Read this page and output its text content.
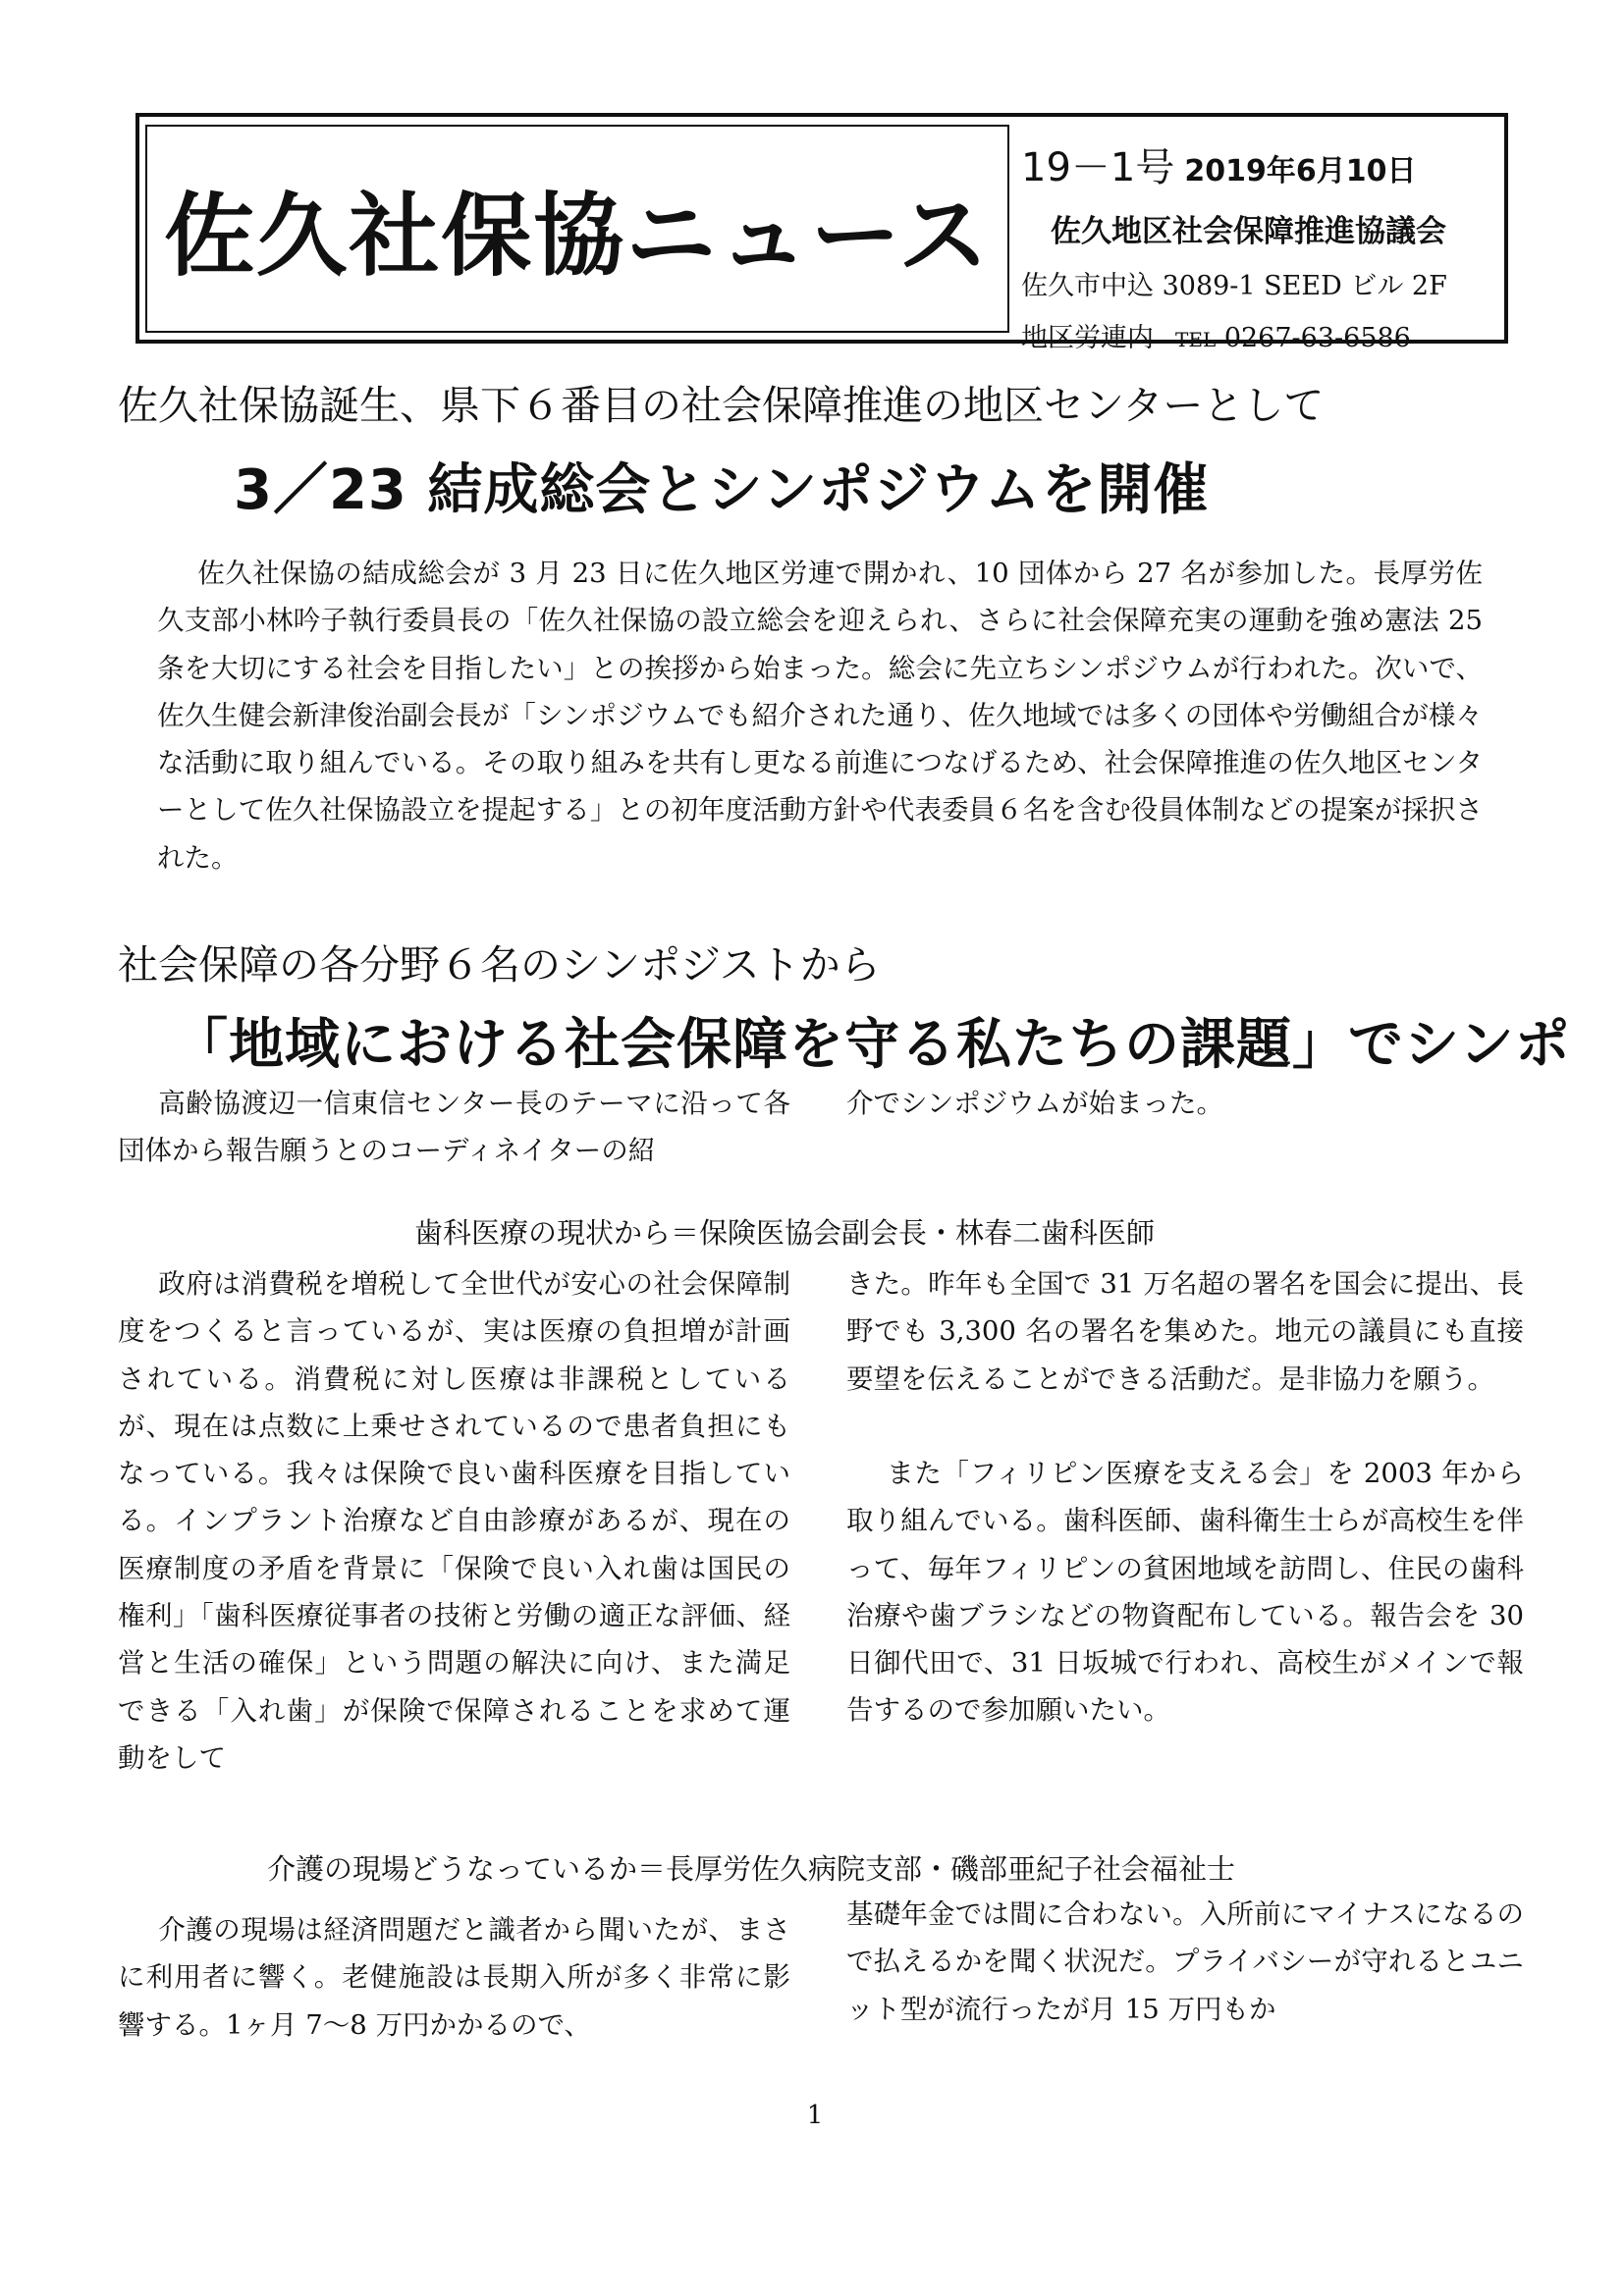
佐久社保協ニュース
19－1号 2019年6月10日
佐久地区社会保障推進協議会
佐久市中込 3089-1 SEED ビル 2F
地区労連内 TEL 0267-63-6586
佐久社保協誕生、県下６番目の社会保障推進の地区センターとして
3／23 結成総会とシンポジウムを開催

佐久社保協の結成総会が 3 月 23 日に佐久地区労連で開かれ、10 団体から 27 名が参加した。長厚労佐久支部小林吟子執行委員長の「佐久社保協の設立総会を迎えられ、さらに社会保障充実の運動を強め憲法 25 条を大切にする社会を目指したい」との挨拶から始まった。総会に先立ちシンポジウムが行われた。次いで、佐久生健会新津俊治副会長が「シンポジウムでも紹介された通り、佐久地域では多くの団体や労働組合が様々な活動に取り組んでいる。その取り組みを共有し更なる前進につなげるため、社会保障推進の佐久地区センターとして佐久社保協設立を提起する」との初年度活動方針や代表委員６名を含む役員体制などの提案が採択された。

社会保障の各分野６名のシンポジストから
「地域における社会保障を守る私たちの課題」でシンポ

高齢協渡辺一信東信センター長のテーマに沿って各団体から報告願うとのコーディネイターの紹

介でシンポジウムが始まった。

歯科医療の現状から＝保険医協会副会長・林春二歯科医師

政府は消費税を増税して全世代が安心の社会保障制度をつくると言っているが、実は医療の負担増が計画されている。消費税に対し医療は非課税としているが、現在は点数に上乗せされているので患者負担にもなっている。我々は保険で良い歯科医療を目指している。インプラント治療など自由診療があるが、現在の医療制度の矛盾を背景に「保険で良い入れ歯は国民の権利」「歯科医療従事者の技術と労働の適正な評価、経営と生活の確保」という問題の解決に向け、また満足できる「入れ歯」が保険で保障されることを求めて運動をして

きた。昨年も全国で 31 万名超の署名を国会に提出、長野でも 3,300 名の署名を集めた。地元の議員にも直接要望を伝えることができる活動だ。是非協力を願う。

また「フィリピン医療を支える会」を 2003 年から取り組んでいる。歯科医師、歯科衛生士らが高校生を伴って、毎年フィリピンの貧困地域を訪問し、住民の歯科治療や歯ブラシなどの物資配布している。報告会を 30 日御代田で、31 日坂城で行われ、高校生がメインで報告するので参加願いたい。

介護の現場どうなっているか＝長厚労佐久病院支部・磯部亜紀子社会福祉士

介護の現場は経済問題だと識者から聞いたが、まさに利用者に響く。老健施設は長期入所が多く非常に影響する。1ヶ月 7～8 万円かかるので、

基礎年金では間に合わない。入所前にマイナスになるので払えるかを聞く状況だ。プライバシーが守れるとユニット型が流行ったが月 15 万円もか

1
